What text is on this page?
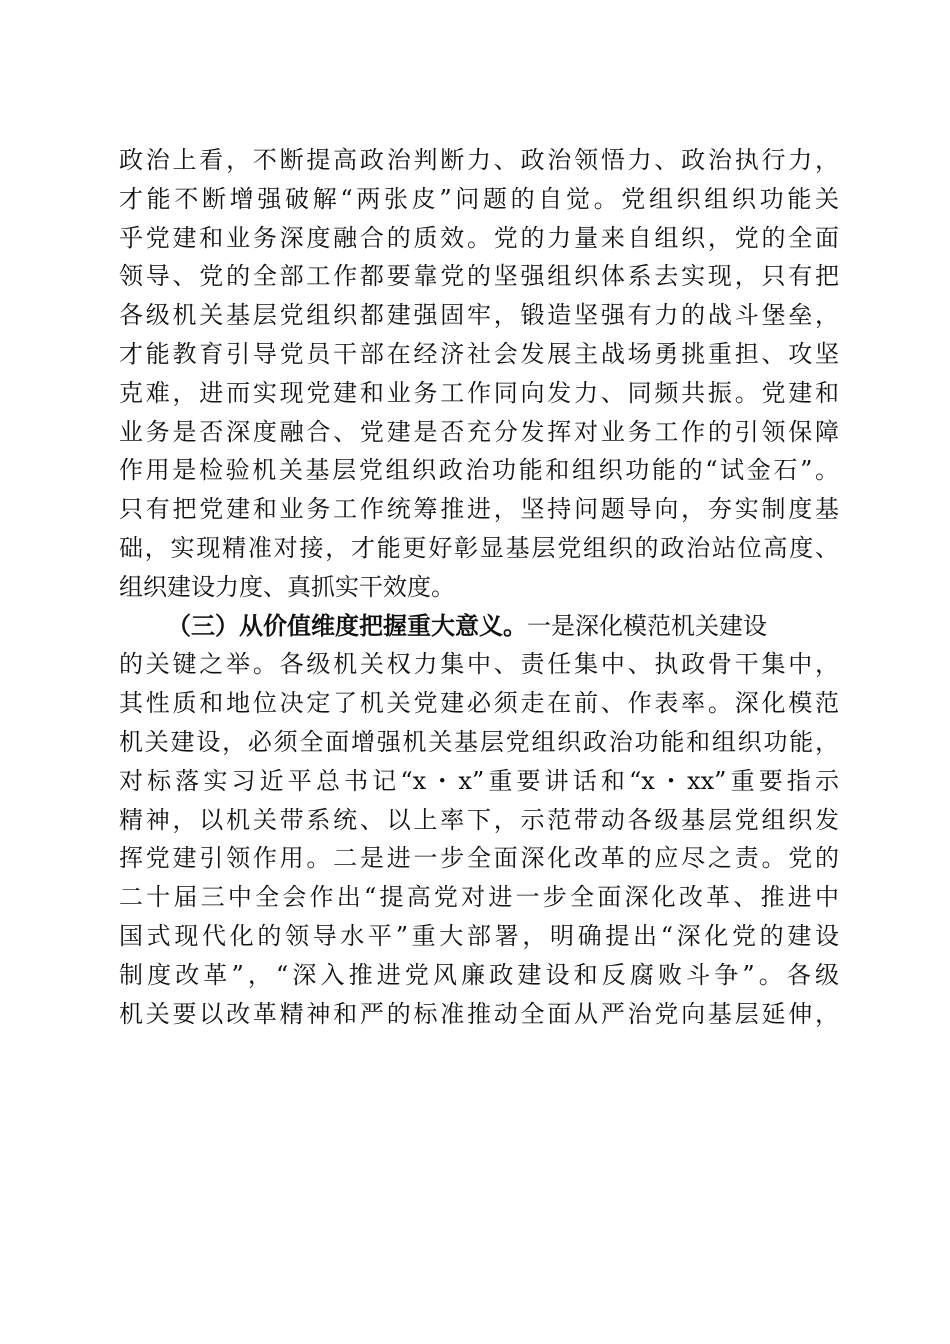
政治上看，不断提高政治判断力、政治领悟力、政治执行力，
才能不断增强破解“两张皮”问题的自觉。党组织组织功能关
乎党建和业务深度融合的质效。党的力量来自组织，党的全面
领导、党的全部工作都要靠党的坚强组织体系去实现，只有把
各级机关基层党组织都建强固牢，锻造坚强有力的战斗堡垒，
才能教育引导党员干部在经济社会发展主战场勇挑重担、攻坚
克难，进而实现党建和业务工作同向发力、同频共振。党建和
业务是否深度融合、党建是否充分发挥对业务工作的引领保障
作用是检验机关基层党组织政治功能和组织功能的“试金石”。
只有把党建和业务工作统筹推进，坚持问题导向，夯实制度基
础，实现精准对接，才能更好彰显基层党组织的政治站位高度、
组织建设力度、真抓实干效度。
（三）从价值维度把握重大意义。一是深化模范机关建设
的关键之举。各级机关权力集中、责任集中、执政骨干集中，
其性质和地位决定了机关党建必须走在前、作表率。深化模范
机关建设，必须全面增强机关基层党组织政治功能和组织功能，
对标落实习近平总书记“x・x”重要讲话和“x・xx”重要指示
精神，以机关带系统、以上率下，示范带动各级基层党组织发
挥党建引领作用。二是进一步全面深化改革的应尽之责。党的
二十届三中全会作出“提高党对进一步全面深化改革、推进中
国式现代化的领导水平”重大部署，明确提出“深化党的建设
制度改革”，“深入推进党风廉政建设和反腐败斗争”。各级
机关要以改革精神和严的标准推动全面从严治党向基层延伸，
